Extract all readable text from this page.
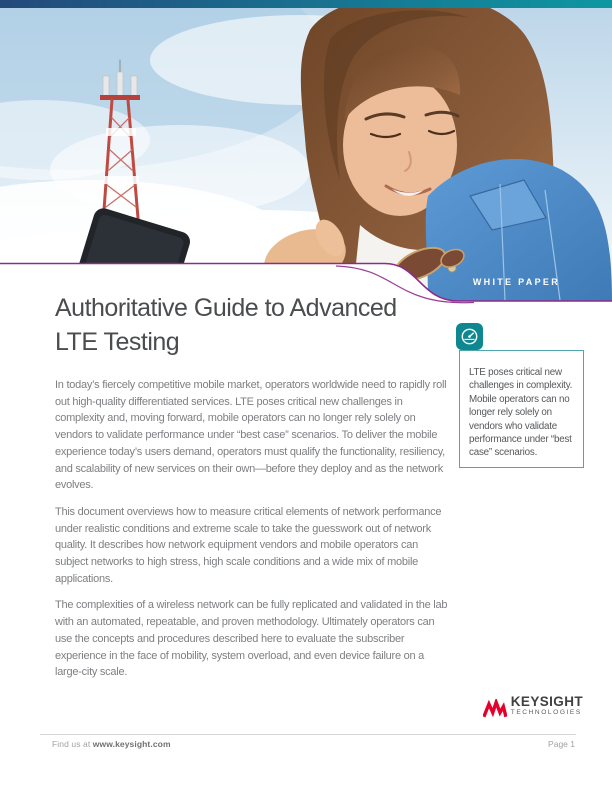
WHITE PAPER
Authoritative Guide to Advanced
LTE Testing

In today’s fiercely competitive mobile market, operators worldwide need to rapidly roll out high-quality differentiated services. LTE poses critical new challenges in complexity and, moving forward, mobile operators can no longer rely solely on vendors to validate performance under “best case” scenarios. To deliver the mobile experience today’s users demand, operators must qualify the functionality, resiliency, and scalability of new services on their own—before they deploy and as the network evolves.

This document overviews how to measure critical elements of network performance under realistic conditions and extreme scale to take the guesswork out of network quality. It describes how network equipment vendors and mobile operators can subject networks to high stress, high scale conditions and a wide mix of mobile applications.

The complexities of a wireless network can be fully replicated and validated in the lab with an automated, repeatable, and proven methodology. Ultimately operators can use the concepts and procedures described here to evaluate the subscriber experience in the face of mobility, system overload, and even device failure on a large-city scale.

LTE poses critical new challenges in complexity. Mobile operators can no longer rely solely on vendors who validate performance under “best case” scenarios.
KEYSIGHT
TECHNOLOGIES
Find us at www.keysight.com	Page 1
